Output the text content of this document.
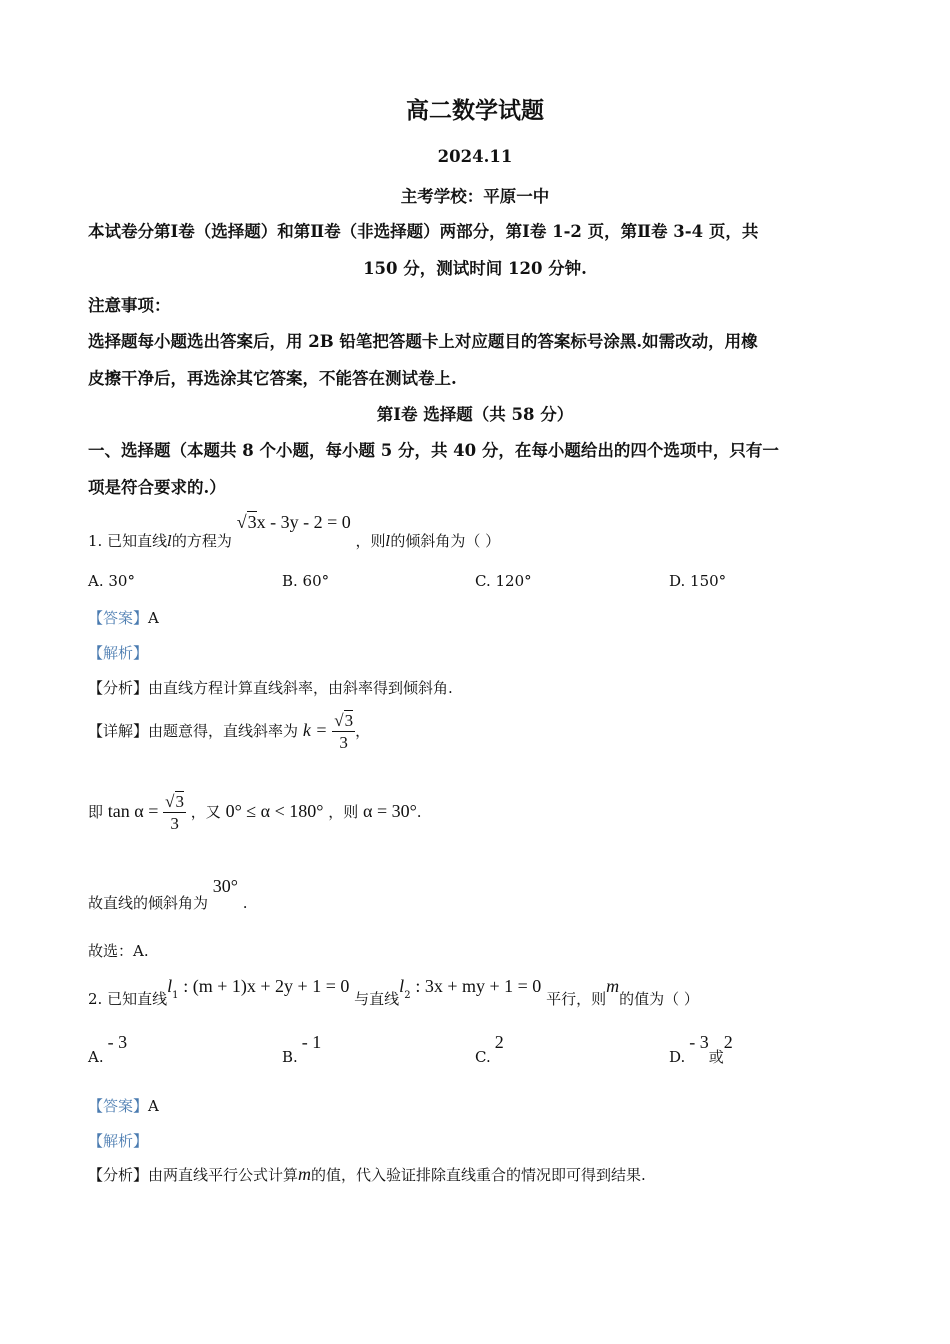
高二数学试题
2024.11
主考学校：平原一中
本试卷分第Ⅰ卷（选择题）和第Ⅱ卷（非选择题）两部分，第Ⅰ卷 1-2 页，第Ⅱ卷 3-4 页，共
150 分，测试时间 120 分钟.
注意事项：
选择题每小题选出答案后，用 2B 铅笔把答题卡上对应题目的答案标号涂黑.如需改动，用橡
皮擦干净后，再选涂其它答案，不能答在测试卷上.
第Ⅰ卷 选择题（共 58 分）
一、选择题（本题共 8 个小题，每小题 5 分，共 40 分，在每小题给出的四个选项中，只有一
项是符合要求的.）
1. 已知直线l的方程为 √3x - 3y - 2 = 0 ，则l的倾斜角为（ ）
A. 30°	B. 60°	C. 120°	D. 150°
【答案】A
【解析】
【分析】由直线方程计算直线斜率，由斜率得到倾斜角.
【详解】由题意得，直线斜率为 $k = \frac{√3}{3}$ ，
即 $\tan \alpha = \frac{√3}{3}$ ，又 0° ≤ α < 180° ，则 α = 30°.
故直线的倾斜角为 30° .
故选：A.
2. 已知直线$l_1$ : (m + 1)x + 2y + 1 = 0 与直线$l_2$ : 3x + my + 1 = 0 平行，则m的值为（ ）
A.- 3
B.- 1
C.2
D.- 3或2
【答案】A
【解析】
【分析】由两直线平行公式计算m的值，代入验证排除直线重合的情况即可得到结果.
